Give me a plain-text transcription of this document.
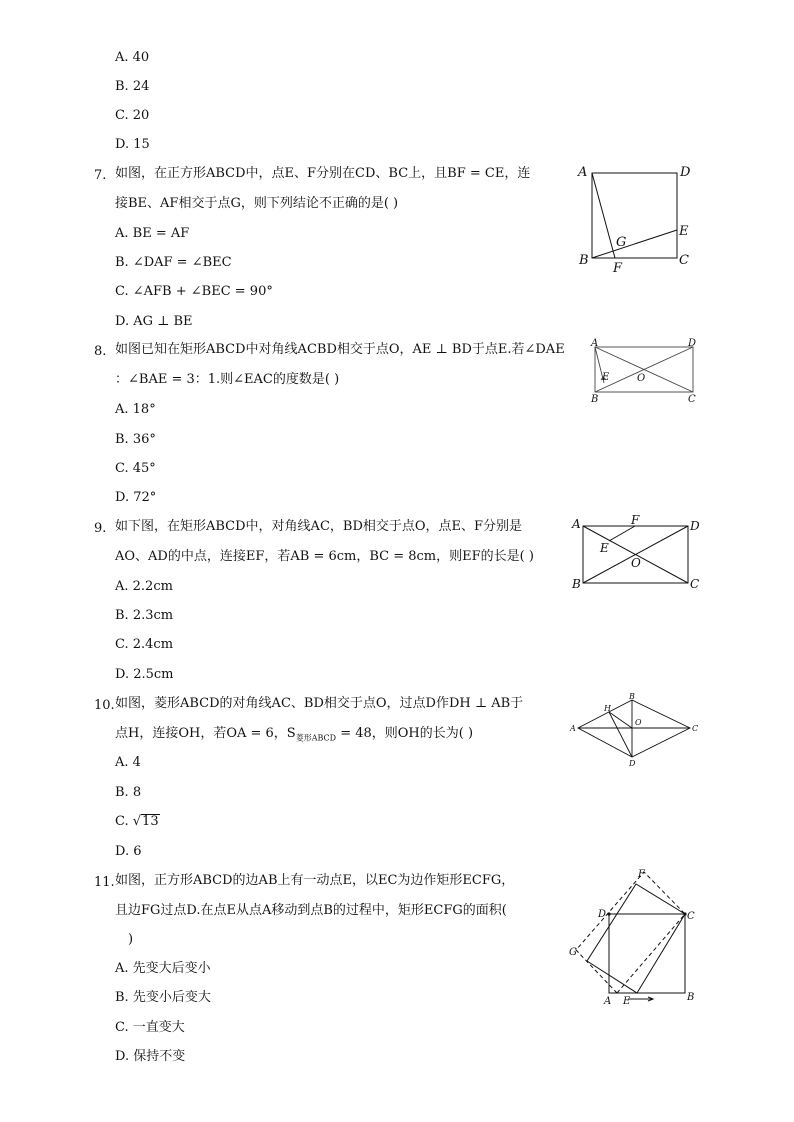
A. 40
B. 24
C. 20
D. 15
7. 如图，在正方形ABCD中，点E、F分别在CD、BC上，且BF = CE，连
接BE、AF相交于点G，则下列结论不正确的是( )
A. BE = AF
B. ∠DAF = ∠BEC
C. ∠AFB + ∠BEC = 90°
D. AG ⊥ BE
A	D
E
B
F
G
C
8. 如图已知在矩形ABCD中对角线ACBD相交于点O，AE ⊥ BD于点E.若∠DAE
：∠BAE = 3：1.则∠EAC的度数是( )
A. 18°
B. 36°
C. 45°
D. 72°
A	D
E	O
B	C
9. 如下图，在矩形ABCD中，对角线AC，BD相交于点O，点E、F分别是
AO、AD的中点，连接EF，若AB = 6cm，BC = 8cm，则EF的长是( )
A. 2.2cm
B. 2.3cm
C. 2.4cm
D. 2.5cm
A	F	D
E
O
B	C
10. 如图，菱形ABCD的对角线AC、BD相交于点O，过点D作DH ⊥ AB于
点H，连接OH，若OA = 6，$S_{菱形ABCD} = 48$，则OH的长为( )
A. 4
B. 8
C. √13
D. 6
A
B
C
D
H
O
11. 如图，正方形ABCD的边AB上有一动点E，以EC为边作矩形ECFG，
且边FG过点D.在点E从点A移动到点B的过程中，矩形ECFG的面积(
)
A. 先变大后变小
B. 先变小后变大
C. 一直变大
D. 保持不变
F
D	C
G
A E	B
